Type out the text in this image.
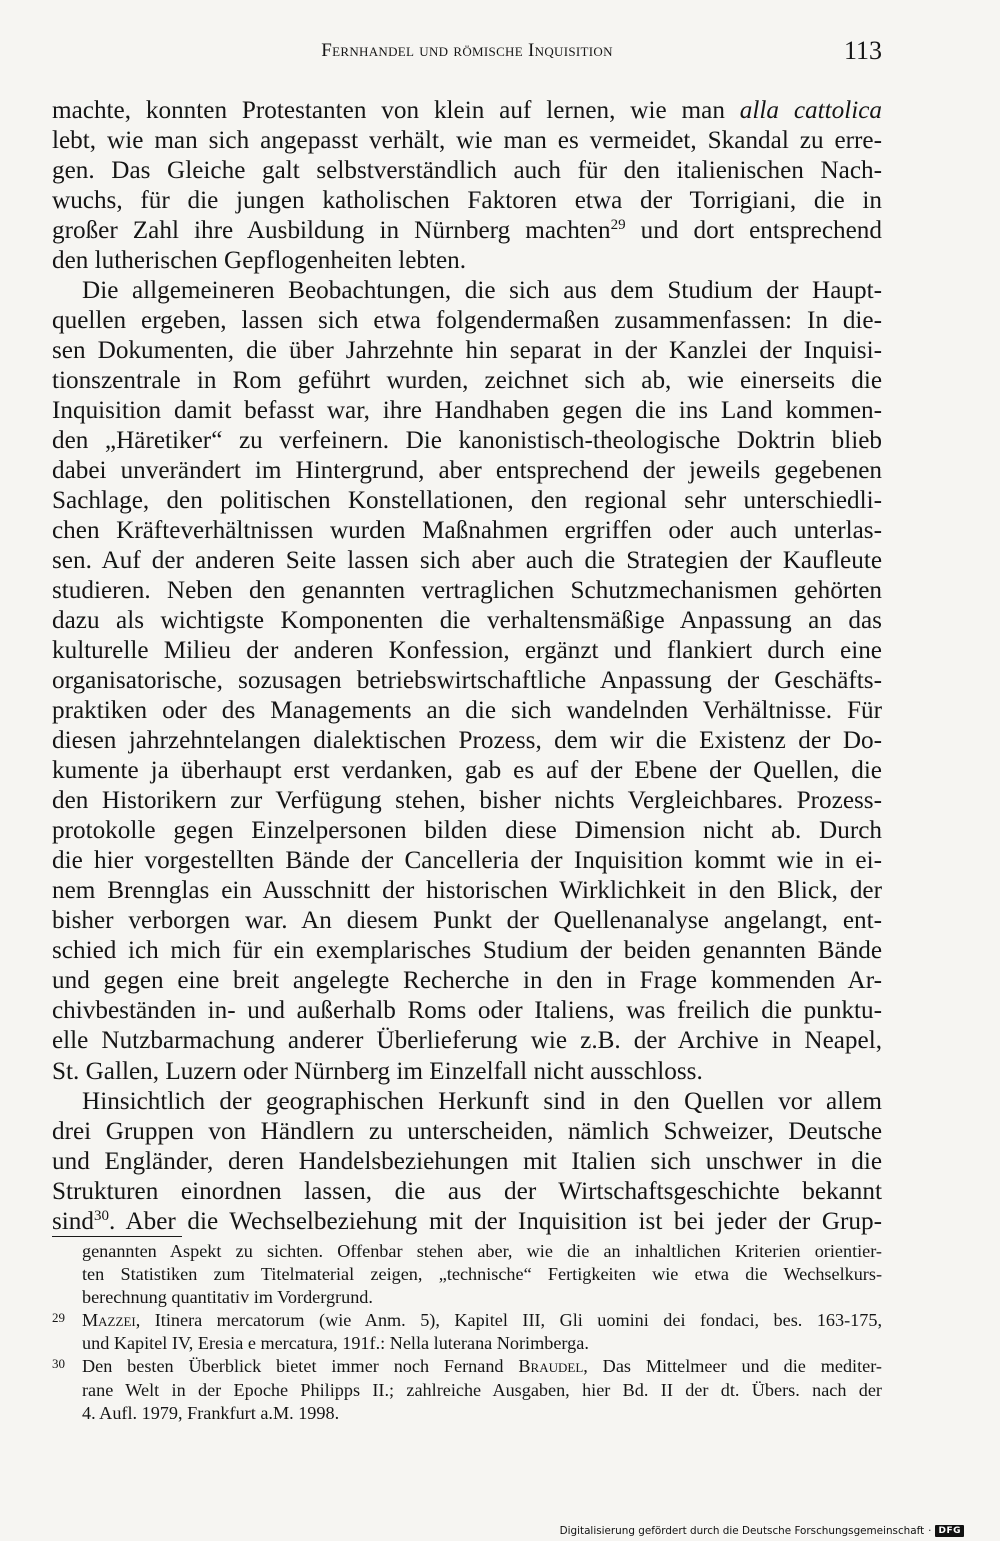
Fernhandel und römische Inquisition	113
machte, konnten Protestanten von klein auf lernen, wie man alla cattolica
lebt, wie man sich angepasst verhält, wie man es vermeidet, Skandal zu erre-
gen. Das Gleiche galt selbstverständlich auch für den italienischen Nach-
wuchs, für die jungen katholischen Faktoren etwa der Torrigiani, die in
großer Zahl ihre Ausbildung in Nürnberg machten$^{29}$ und dort entsprechend
den lutherischen Gepflogenheiten lebten.
Die allgemeineren Beobachtungen, die sich aus dem Studium der Haupt-
quellen ergeben, lassen sich etwa folgendermaßen zusammenfassen: In die-
sen Dokumenten, die über Jahrzehnte hin separat in der Kanzlei der Inquisi-
tionszentrale in Rom geführt wurden, zeichnet sich ab, wie einerseits die
Inquisition damit befasst war, ihre Handhaben gegen die ins Land kommen-
den „Häretiker“ zu verfeinern. Die kanonistisch-theologische Doktrin blieb
dabei unverändert im Hintergrund, aber entsprechend der jeweils gegebenen
Sachlage, den politischen Konstellationen, den regional sehr unterschiedli-
chen Kräfteverhältnissen wurden Maßnahmen ergriffen oder auch unterlas-
sen. Auf der anderen Seite lassen sich aber auch die Strategien der Kaufleute
studieren. Neben den genannten vertraglichen Schutzmechanismen gehörten
dazu als wichtigste Komponenten die verhaltensmäßige Anpassung an das
kulturelle Milieu der anderen Konfession, ergänzt und flankiert durch eine
organisatorische, sozusagen betriebswirtschaftliche Anpassung der Geschäfts-
praktiken oder des Managements an die sich wandelnden Verhältnisse. Für
diesen jahrzehntelangen dialektischen Prozess, dem wir die Existenz der Do-
kumente ja überhaupt erst verdanken, gab es auf der Ebene der Quellen, die
den Historikern zur Verfügung stehen, bisher nichts Vergleichbares. Prozess-
protokolle gegen Einzelpersonen bilden diese Dimension nicht ab. Durch
die hier vorgestellten Bände der Cancelleria der Inquisition kommt wie in ei-
nem Brennglas ein Ausschnitt der historischen Wirklichkeit in den Blick, der
bisher verborgen war. An diesem Punkt der Quellenanalyse angelangt, ent-
schied ich mich für ein exemplarisches Studium der beiden genannten Bände
und gegen eine breit angelegte Recherche in den in Frage kommenden Ar-
chivbeständen in- und außerhalb Roms oder Italiens, was freilich die punktu-
elle Nutzbarmachung anderer Überlieferung wie z.B. der Archive in Neapel,
St. Gallen, Luzern oder Nürnberg im Einzelfall nicht ausschloss.
Hinsichtlich der geographischen Herkunft sind in den Quellen vor allem
drei Gruppen von Händlern zu unterscheiden, nämlich Schweizer, Deutsche
und Engländer, deren Handelsbeziehungen mit Italien sich unschwer in die
Strukturen einordnen lassen, die aus der Wirtschaftsgeschichte bekannt
sind$^{30}$. Aber die Wechselbeziehung mit der Inquisition ist bei jeder der Grup-
genannten Aspekt zu sichten. Offenbar stehen aber, wie die an inhaltlichen Kriterien orientier-
ten Statistiken zum Titelmaterial zeigen, „technische“ Fertigkeiten wie etwa die Wechselkurs-
berechnung quantitativ im Vordergrund.
29 Mazzei, Itinera mercatorum (wie Anm. 5), Kapitel III, Gli uomini dei fondaci, bes. 163-175,
und Kapitel IV, Eresia e mercatura, 191f.: Nella luterana Norimberga.
30 Den besten Überblick bietet immer noch Fernand Braudel, Das Mittelmeer und die mediter-
rane Welt in der Epoche Philipps II.; zahlreiche Ausgaben, hier Bd. II der dt. Übers. nach der
4. Aufl. 1979, Frankfurt a.M. 1998.
Digitalisierung gefördert durch die Deutsche Forschungsgemeinschaft · DFG
